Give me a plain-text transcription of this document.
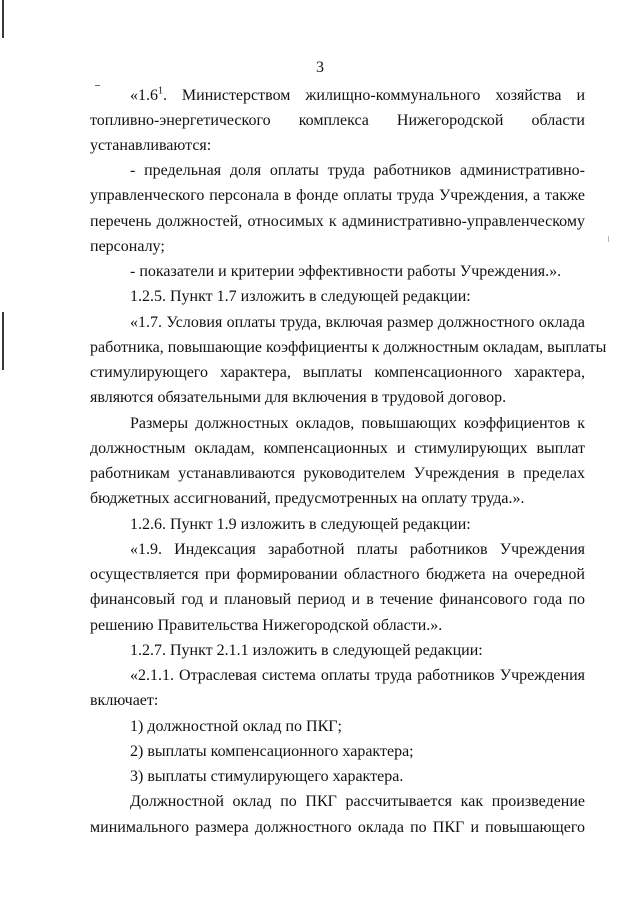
3
«$1.6^1$. Министерством жилищно-коммунального хозяйства и
топливно-энергетического комплекса Нижегородской области
устанавливаются:
- предельная доля оплаты труда работников административно-
управленческого персонала в фонде оплаты труда Учреждения, а также
перечень должностей, относимых к административно-управленческому
персоналу;
- показатели и критерии эффективности работы Учреждения.».
1.2.5. Пункт 1.7 изложить в следующей редакции:
«1.7. Условия оплаты труда, включая размер должностного оклада
работника, повышающие коэффициенты к должностным окладам, выплаты
стимулирующего характера, выплаты компенсационного характера,
являются обязательными для включения в трудовой договор.
Размеры должностных окладов, повышающих коэффициентов к
должностным окладам, компенсационных и стимулирующих выплат
работникам устанавливаются руководителем Учреждения в пределах
бюджетных ассигнований, предусмотренных на оплату труда.».
1.2.6. Пункт 1.9 изложить в следующей редакции:
«1.9. Индексация заработной платы работников Учреждения
осуществляется при формировании областного бюджета на очередной
финансовый год и плановый период и в течение финансового года по
решению Правительства Нижегородской области.».
1.2.7. Пункт 2.1.1 изложить в следующей редакции:
«2.1.1. Отраслевая система оплаты труда работников Учреждения
включает:
1) должностной оклад по ПКГ;
2) выплаты компенсационного характера;
3) выплаты стимулирующего характера.
Должностной оклад по ПКГ рассчитывается как произведение
минимального размера должностного оклада по ПКГ и повышающего
